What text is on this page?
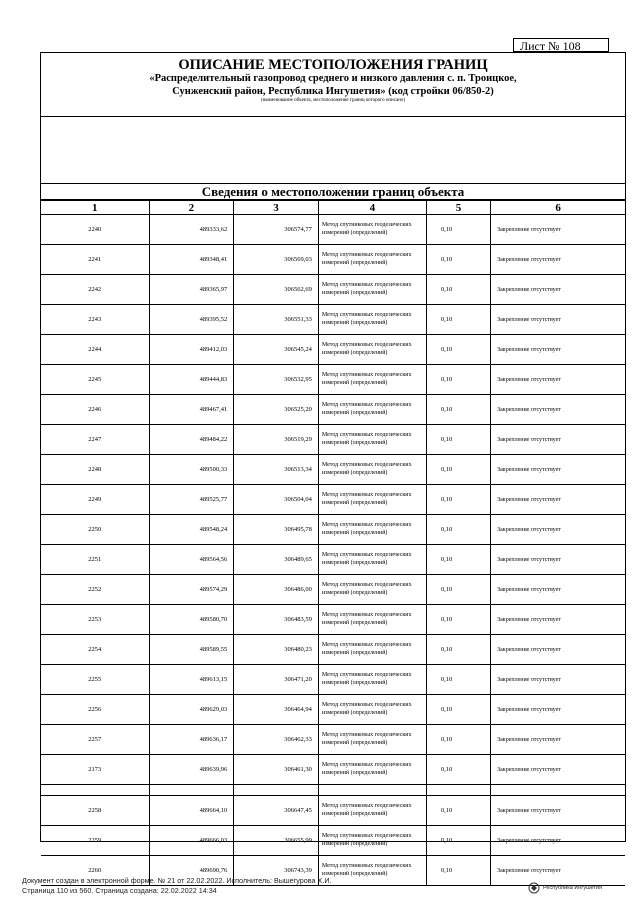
Лист № 108
ОПИСАНИЕ МЕСТОПОЛОЖЕНИЯ ГРАНИЦ
«Распределительный газопровод среднего и низкого давления с. п. Троицкое,
Сунженский район, Республика Ингушетия» (код стройки 06/850-2)
(наименование объекта, местоположение границ которого описано)
Сведения о местоположении границ объекта
1	2	3	4	5	6
2240	489333,62	306574,77	Метод спутниковых геодезических измерений (определений)	0,10	Закрепление отсутствует
2241	489348,41	306569,03	Метод спутниковых геодезических измерений (определений)	0,10	Закрепление отсутствует
2242	489365,97	306562,69	Метод спутниковых геодезических измерений (определений)	0,10	Закрепление отсутствует
2243	489395,52	306551,33	Метод спутниковых геодезических измерений (определений)	0,10	Закрепление отсутствует
2244	489412,03	306545,24	Метод спутниковых геодезических измерений (определений)	0,10	Закрепление отсутствует
2245	489444,83	306532,95	Метод спутниковых геодезических измерений (определений)	0,10	Закрепление отсутствует
2246	489467,41	306525,20	Метод спутниковых геодезических измерений (определений)	0,10	Закрепление отсутствует
2247	489484,22	306519,29	Метод спутниковых геодезических измерений (определений)	0,10	Закрепление отсутствует
2248	489500,33	306513,34	Метод спутниковых геодезических измерений (определений)	0,10	Закрепление отсутствует
2249	489525,77	306504,04	Метод спутниковых геодезических измерений (определений)	0,10	Закрепление отсутствует
2250	489548,24	306495,78	Метод спутниковых геодезических измерений (определений)	0,10	Закрепление отсутствует
2251	489564,56	306489,65	Метод спутниковых геодезических измерений (определений)	0,10	Закрепление отсутствует
2252	489574,29	306486,00	Метод спутниковых геодезических измерений (определений)	0,10	Закрепление отсутствует
2253	489580,70	306483,59	Метод спутниковых геодезических измерений (определений)	0,10	Закрепление отсутствует
2254	489589,55	306480,23	Метод спутниковых геодезических измерений (определений)	0,10	Закрепление отсутствует
2255	489613,15	306471,20	Метод спутниковых геодезических измерений (определений)	0,10	Закрепление отсутствует
2256	489629,03	306464,94	Метод спутниковых геодезических измерений (определений)	0,10	Закрепление отсутствует
2257	489636,17	306462,33	Метод спутниковых геодезических измерений (определений)	0,10	Закрепление отсутствует
2173	489639,96	306461,30	Метод спутниковых геодезических измерений (определений)	0,10	Закрепление отсутствует

2258	489664,10	306647,45	Метод спутниковых геодезических измерений (определений)	0,10	Закрепление отсутствует
2259	489666,03	306655,99	Метод спутниковых геодезических измерений (определений)	0,10	Закрепление отсутствует
2260	489690,76	306743,39	Метод спутниковых геодезических измерений (определений)	0,10	Закрепление отсутствует
Документ создан в электронной форме. № 21 от 22.02.2022. Исполнитель: Вышегурова Х.И.
Страница 110 из 560. Страница создана: 22.02.2022 14:34	Республика Ингушетия
